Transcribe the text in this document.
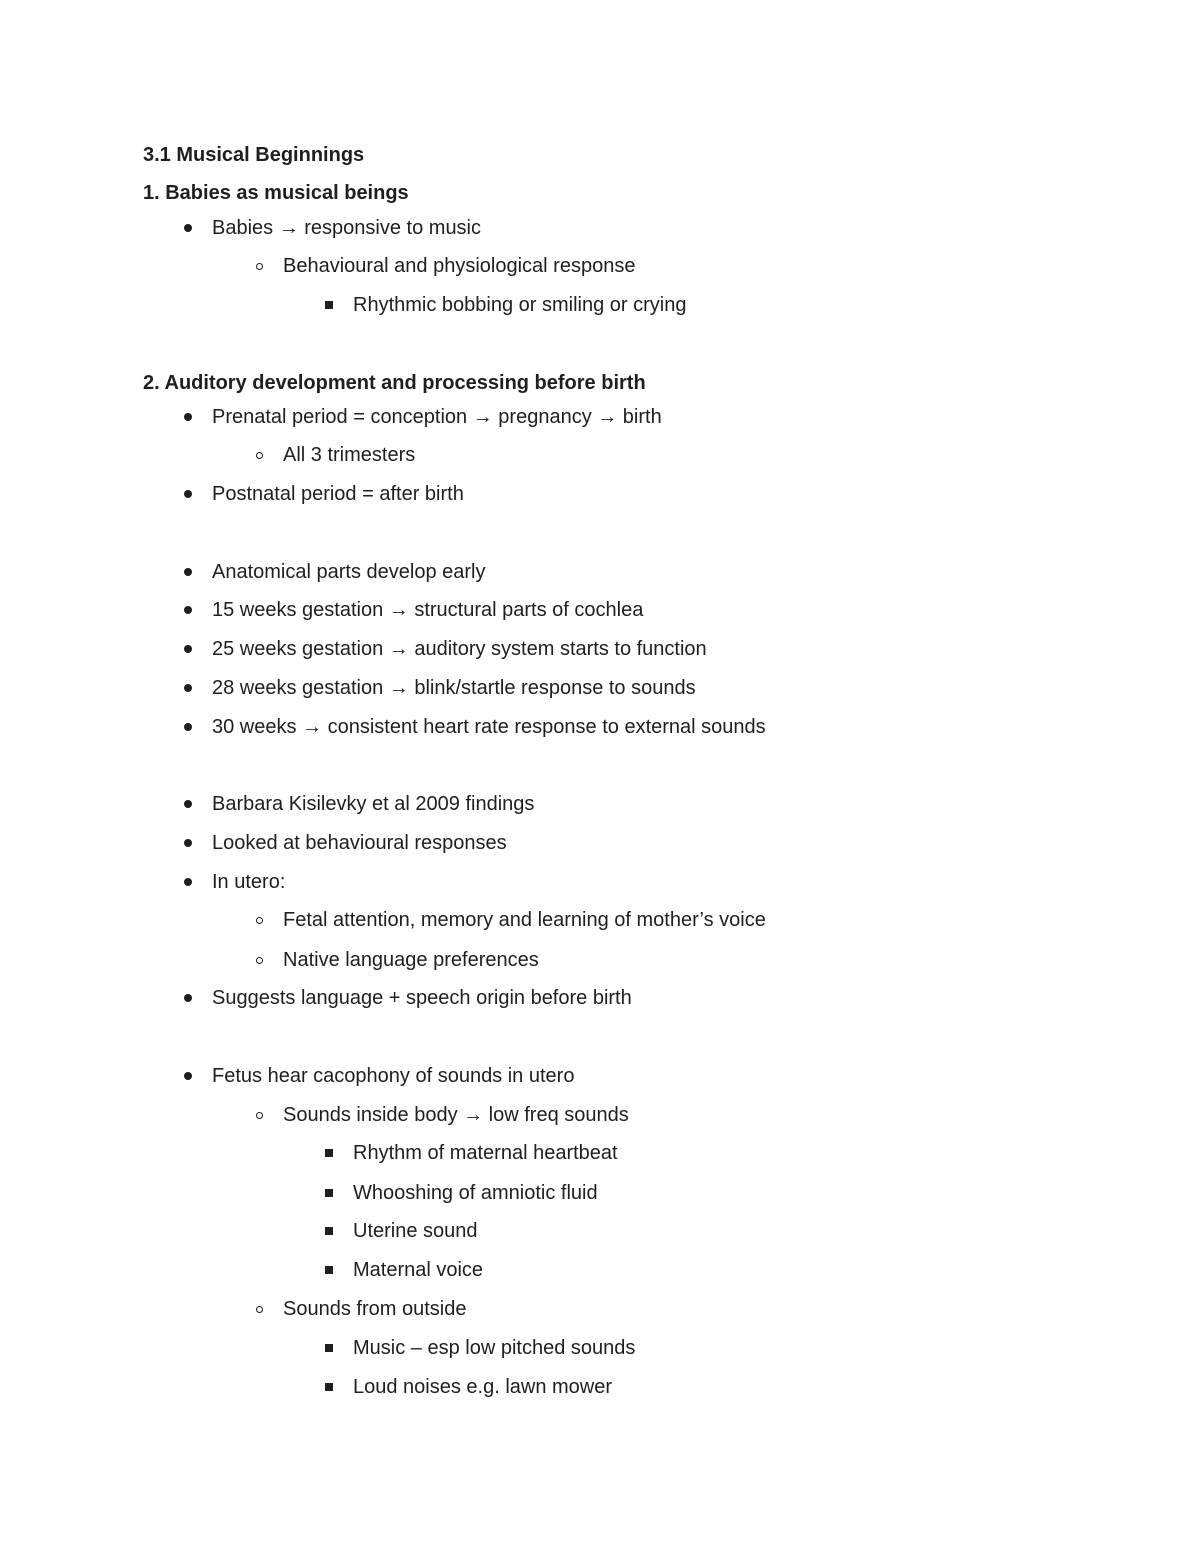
3.1 Musical Beginnings
1. Babies as musical beings
Babies → responsive to music
Behavioural and physiological response
Rhythmic bobbing or smiling or crying
2. Auditory development and processing before birth
Prenatal period = conception → pregnancy → birth
All 3 trimesters
Postnatal period = after birth
Anatomical parts develop early
15 weeks gestation → structural parts of cochlea
25 weeks gestation → auditory system starts to function
28 weeks gestation → blink/startle response to sounds
30 weeks → consistent heart rate response to external sounds
Barbara Kisilevky et al 2009 findings
Looked at behavioural responses
In utero:
Fetal attention, memory and learning of mother’s voice
Native language preferences
Suggests language + speech origin before birth
Fetus hear cacophony of sounds in utero
Sounds inside body → low freq sounds
Rhythm of maternal heartbeat
Whooshing of amniotic fluid
Uterine sound
Maternal voice
Sounds from outside
Music – esp low pitched sounds
Loud noises e.g. lawn mower
